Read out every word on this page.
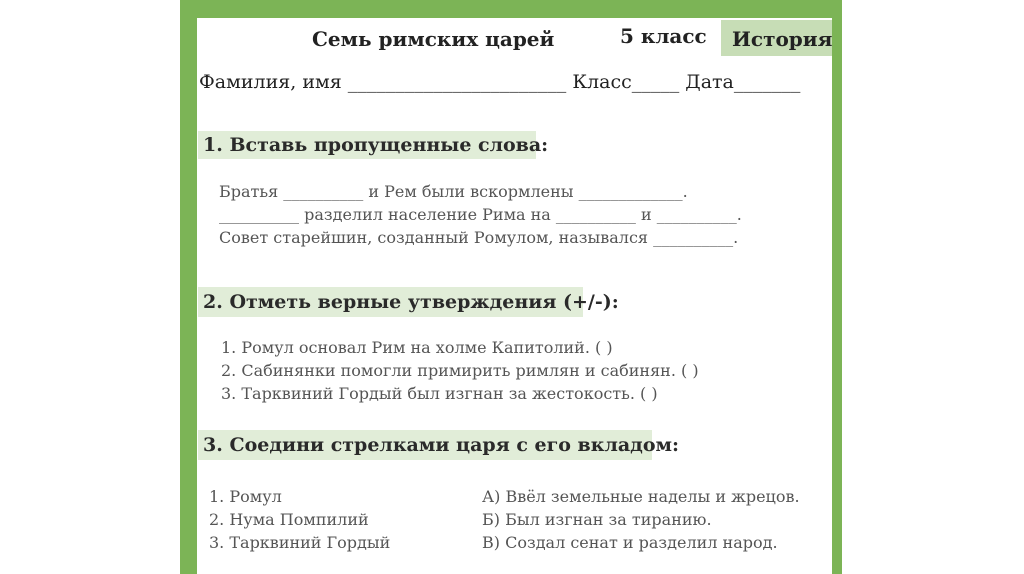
Семь римских царей	5 класс История
Фамилия, имя _______________________ Класс_____ Дата_______
1. Вставь пропущенные слова:
Братья __________ и Рем были вскормлены _____________.
__________ разделил население Рима на __________ и __________.
Совет старейшин, созданный Ромулом, назывался __________.
2. Отметь верные утверждения (+/-):
1. Ромул основал Рим на холме Капитолий. ( )
2. Сабинянки помогли примирить римлян и сабинян. ( )
3. Тарквиний Гордый был изгнан за жестокость. ( )
3. Соедини стрелками царя с его вкладом:
1. Ромул
2. Нума Помпилий
3. Тарквиний Гордый
А) Ввёл земельные наделы и жрецов.
Б) Был изгнан за тиранию.
В) Создал сенат и разделил народ.
